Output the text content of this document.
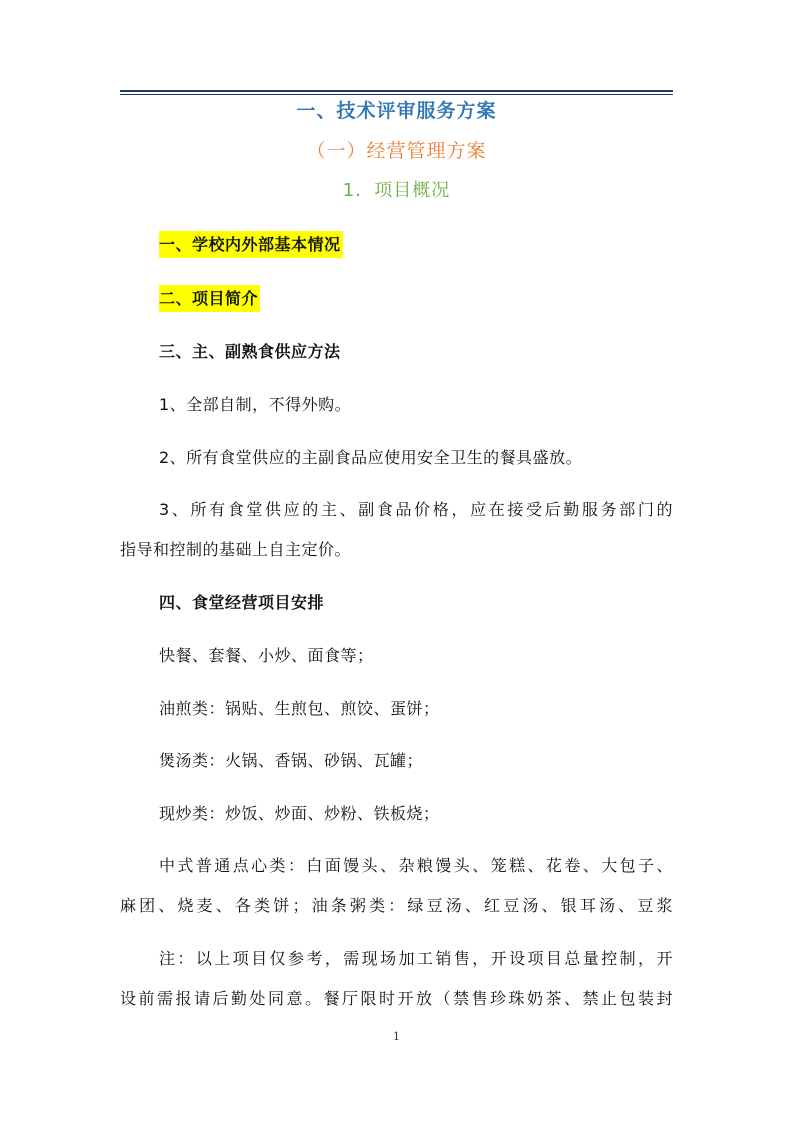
一、技术评审服务方案
（一）经营管理方案
1．项目概况
一、学校内外部基本情况
二、项目简介
三、主、副熟食供应方法
1、全部自制，不得外购。
2、所有食堂供应的主副食品应使用安全卫生的餐具盛放。
3、所有食堂供应的主、副食品价格，应在接受后勤服务部门的
指导和控制的基础上自主定价。
四、食堂经营项目安排
快餐、套餐、小炒、面食等；
油煎类：锅贴、生煎包、煎饺、蛋饼；
煲汤类：火锅、香锅、砂锅、瓦罐；
现炒类：炒饭、炒面、炒粉、铁板烧；
中式普通点心类：白面馒头、杂粮馒头、笼糕、花卷、大包子、
麻团、烧麦、各类饼；油条粥类：绿豆汤、红豆汤、银耳汤、豆浆
注：以上项目仅参考，需现场加工销售，开设项目总量控制，开
设前需报请后勤处同意。餐厅限时开放（禁售珍珠奶茶、禁止包装封
1
